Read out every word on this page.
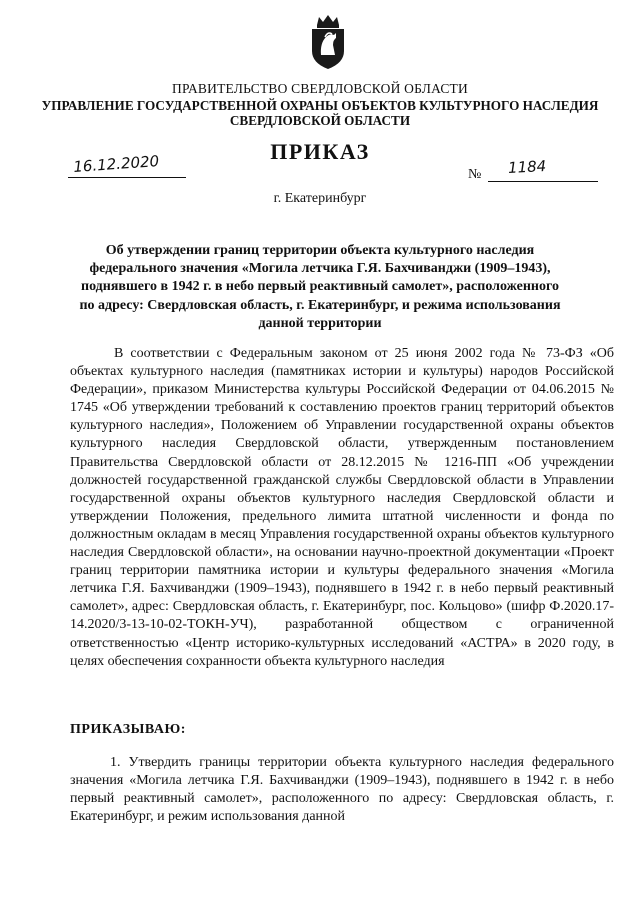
ПРАВИТЕЛЬСТВО СВЕРДЛОВСКОЙ ОБЛАСТИ
УПРАВЛЕНИЕ ГОСУДАРСТВЕННОЙ ОХРАНЫ ОБЪЕКТОВ КУЛЬТУРНОГО НАСЛЕДИЯ
СВЕРДЛОВСКОЙ ОБЛАСТИ
ПРИКАЗ
16.12.2020	№ 1184
г. Екатеринбург
Об утверждении границ территории объекта культурного наследия федерального значения «Могила летчика Г.Я. Бахчиванджи (1909–1943), поднявшего в 1942 г. в небо первый реактивный самолет», расположенного по адресу: Свердловская область, г. Екатеринбург, и режима использования данной территории
В соответствии с Федеральным законом от 25 июня 2002 года № 73-ФЗ «Об объектах культурного наследия (памятниках истории и культуры) народов Российской Федерации», приказом Министерства культуры Российской Федерации от 04.06.2015 № 1745 «Об утверждении требований к составлению проектов границ территорий объектов культурного наследия», Положением об Управлении государственной охраны объектов культурного наследия Свердловской области, утвержденным постановлением Правительства Свердловской области от 28.12.2015 № 1216-ПП «Об учреждении должностей государственной гражданской службы Свердловской области в Управлении государственной охраны объектов культурного наследия Свердловской области и утверждении Положения, предельного лимита штатной численности и фонда по должностным окладам в месяц Управления государственной охраны объектов культурного наследия Свердловской области», на основании научно-проектной документации «Проект границ территории памятника истории и культуры федерального значения «Могила летчика Г.Я. Бахчиванджи (1909–1943), поднявшего в 1942 г. в небо первый реактивный самолет», адрес: Свердловская область, г. Екатеринбург, пос. Кольцово» (шифр Ф.2020.17-14.2020/3-13-10-02-ТОКН-УЧ), разработанной обществом с ограниченной ответственностью «Центр историко-культурных исследований «АСТРА» в 2020 году, в целях обеспечения сохранности объекта культурного наследия
ПРИКАЗЫВАЮ:
1. Утвердить границы территории объекта культурного наследия федерального значения «Могила летчика Г.Я. Бахчиванджи (1909–1943), поднявшего в 1942 г. в небо первый реактивный самолет», расположенного по адресу: Свердловская область, г. Екатеринбург, и режим использования данной
